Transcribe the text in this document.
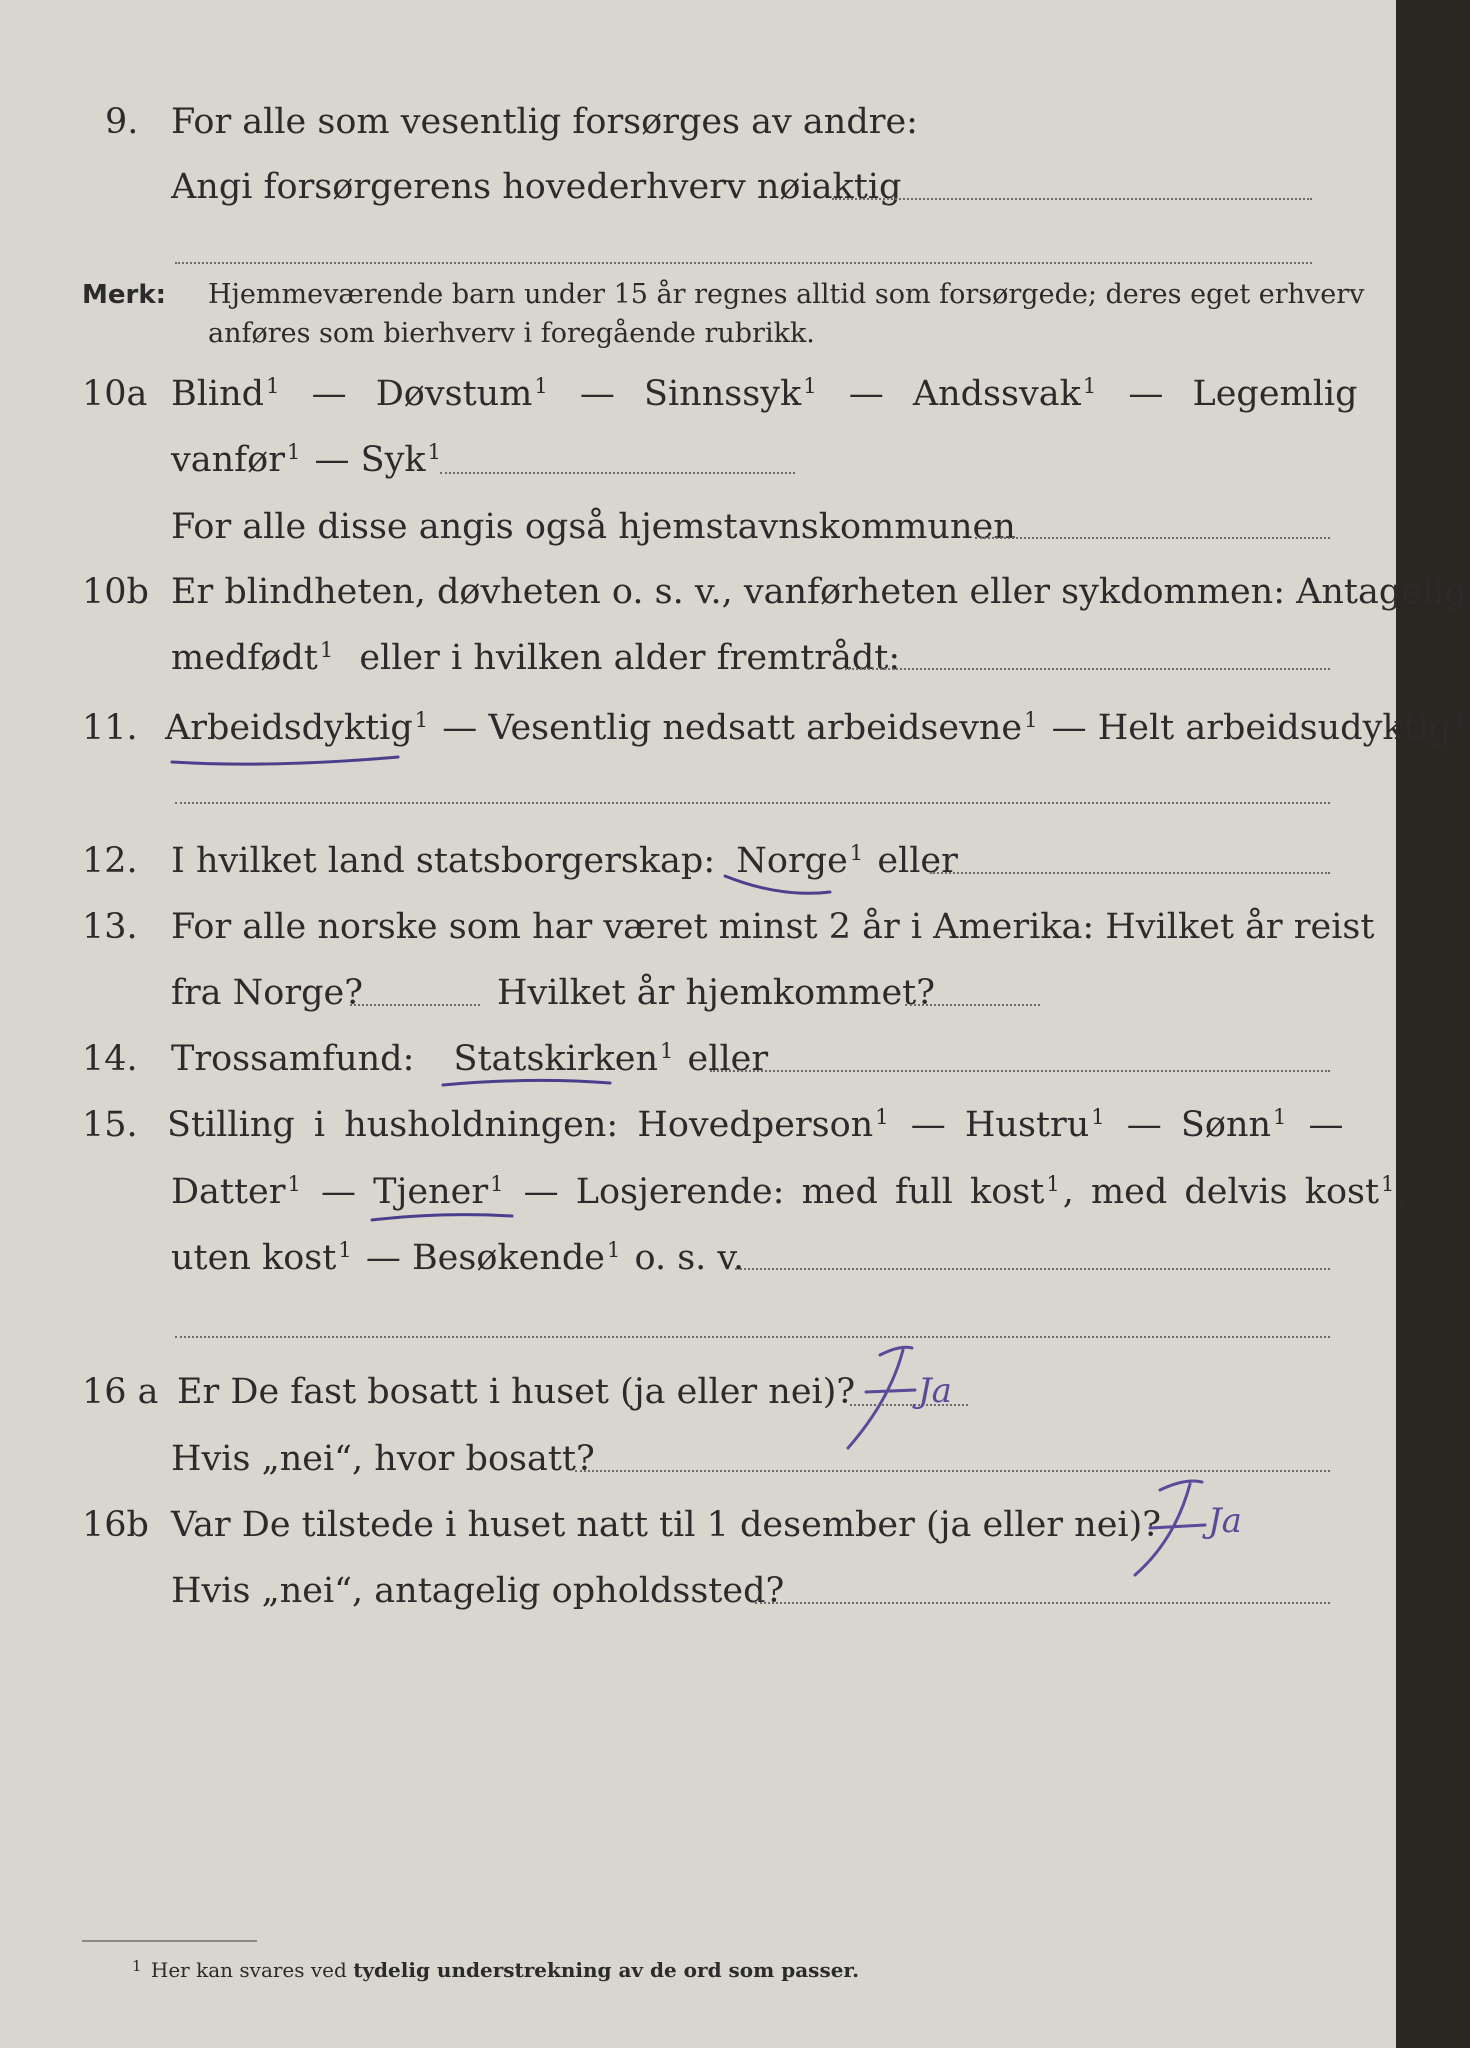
9. For alle som vesentlig forsørges av andre:
Angi forsørgerens hovederhverv nøiaktig
Merk: Hjemmeværende barn under 15 år regnes alltid som forsørgede; deres eget erhverv
anføres som bierhverv i foregående rubrikk.
10a Blind$^1$ — Døvstum$^1$ — Sinnssyk$^1$ — Andssvak$^1$ — Legemlig
vanfør$^1$ — Syk$^1$
For alle disse angis også hjemstavnskommunen
10b Er blindheten, døvheten o. s. v., vanførheten eller sykdommen: Antagelig
medfødt$^1$ eller i hvilken alder fremtrådt:
11. Arbeidsdyktig$^1$ — Vesentlig nedsatt arbeidsevne$^1$ — Helt arbeidsudyktig$^1$
12. I hvilket land statsborgerskap: Norge$^1$ eller
13. For alle norske som har været minst 2 år i Amerika: Hvilket år reist
fra Norge?	Hvilket år hjemkommet?
14. Trossamfund: Statskirken$^1$ eller
15. Stilling i husholdningen: Hovedperson$^1$ — Hustru$^1$ — Sønn$^1$ —
Datter$^1$ — Tjener$^1$ — Losjerende: med full kost$^1$, med delvis kost$^1$,
uten kost$^1$ — Besøkende$^1$ o. s. v.
16 a Er De fast bosatt i huset (ja eller nei)?
Hvis „nei“, hvor bosatt?
16b Var De tilstede i huset natt til 1 desember (ja eller nei)?
Hvis „nei“, antagelig opholdssted?
$^1$ Her kan svares ved tydelig understrekning av de ord som passer.
Ja
Ja
